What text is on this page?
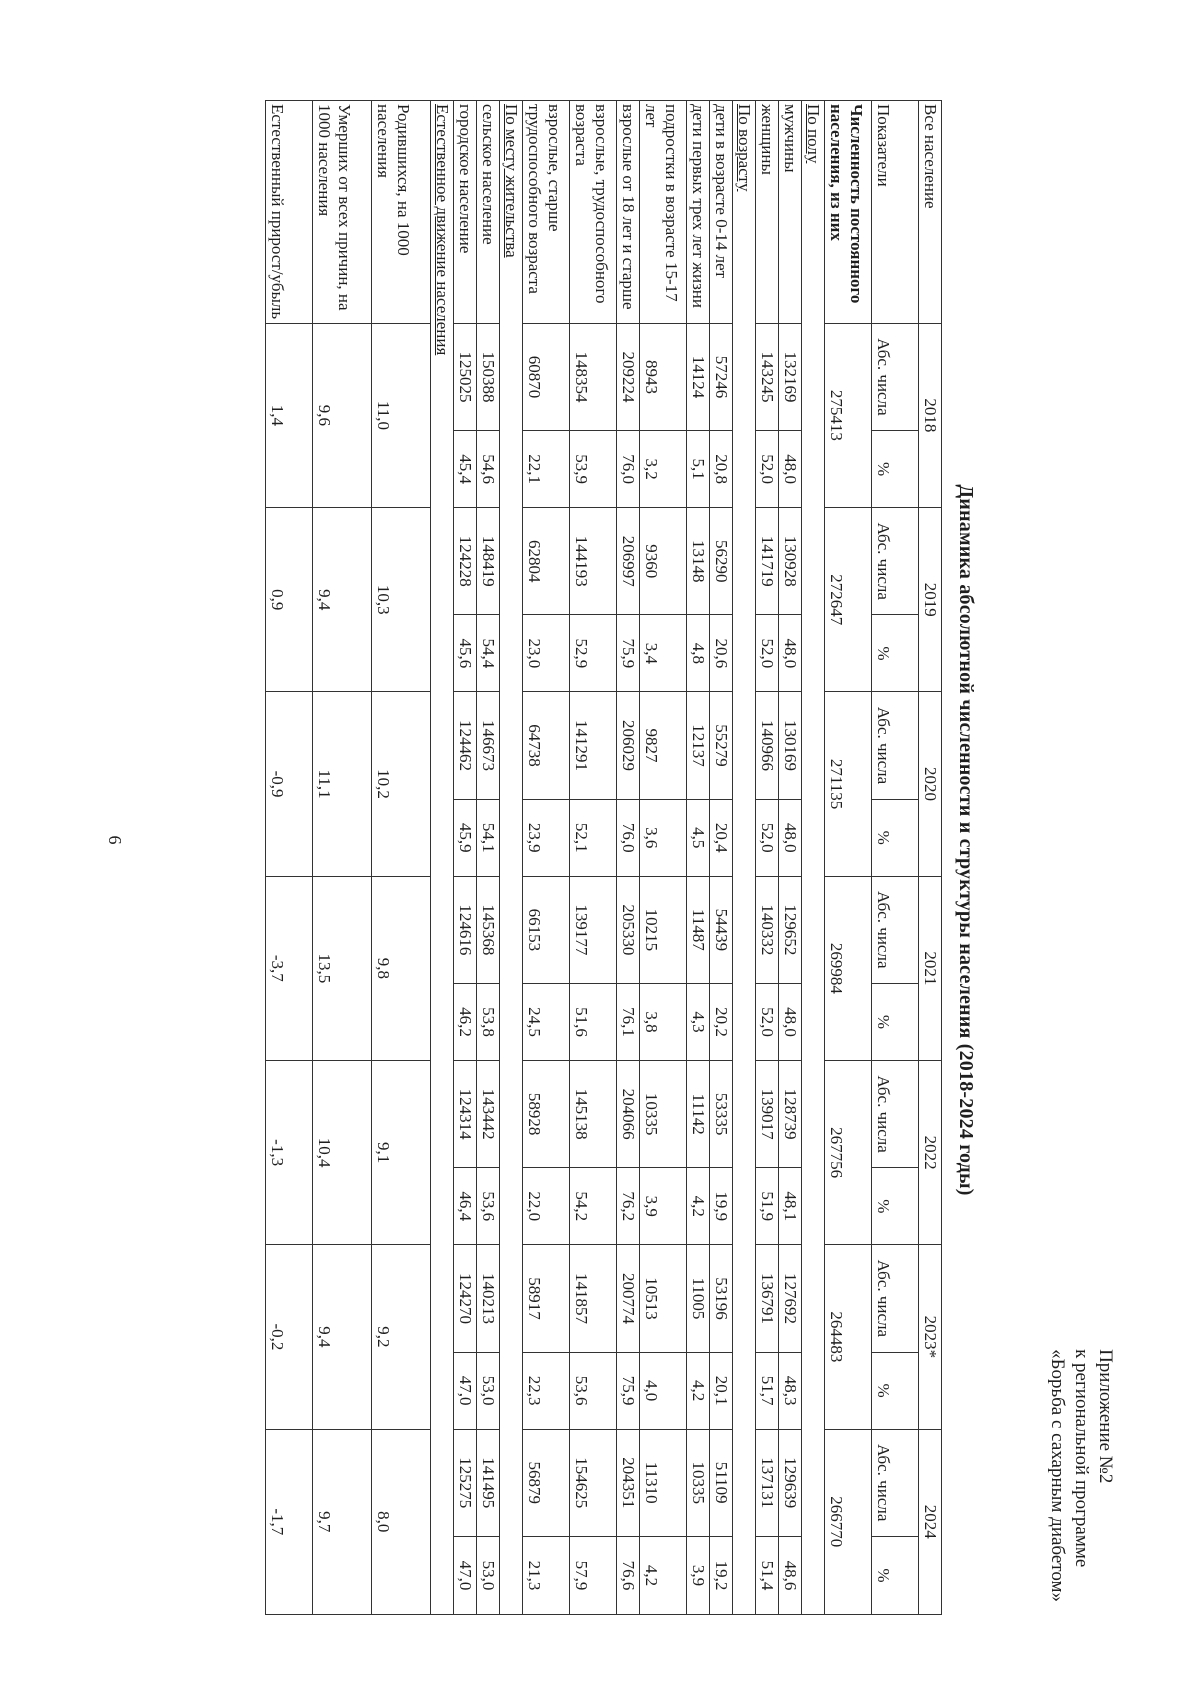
Приложение №2
к региональной программе
«Борьба с сахарным диабетом»
Динамика абсолютной численности и структуры населения (2018-2024 годы)
Все население	2018		2019		2020		2021		2022		2023*		2024	
Показатели	Абс. числа	%	Абс. числа	%	Абс. числа	%	Абс. числа	%	Абс. числа	%	Абс. числа	%	Абс. числа	%
Численность постоянного населения, из них	275413		272647		271135		269984		267756		264483		266770	
По полу														
мужчины	132169	48,0	130928	48,0	130169	48,0	129652	48,0	128739	48,1	127692	48,3	129639	48,6
женщины	143245	52,0	141719	52,0	140966	52,0	140332	52,0	139017	51,9	136791	51,7	137131	51,4
По возрасту														
дети в возрасте 0-14 лет	57246	20,8	56290	20,6	55279	20,4	54439	20,2	53335	19,9	53196	20,1	51109	19,2
дети первых трех лет жизни	14124	5,1	13148	4,8	12137	4,5	11487	4,3	11142	4,2	11005	4,2	10335	3,9
подростки в возрасте 15-17 лет	8943	3,2	9360	3,4	9827	3,6	10215	3,8	10335	3,9	10513	4,0	11310	4,2
взрослые от 18 лет и старше	209224	76,0	206997	75,9	206029	76,0	205330	76,1	204066	76,2	200774	75,9	204351	76,6
взрослые, трудоспособного возраста	148354	53,9	144193	52,9	141291	52,1	139177	51,6	145138	54,2	141857	53,6	154625	57,9
взрослые, старше трудоспособного возраста	60870	22,1	62804	23,0	64738	23,9	66153	24,5	58928	22,0	58917	22,3	56879	21,3
По месту жительства														
сельское население	150388	54,6	148419	54,4	146673	54,1	145368	53,8	143442	53,6	140213	53,0	141495	53,0
городское население	125025	45,4	124228	45,6	124462	45,9	124616	46,2	124314	46,4	124270	47,0	125275	47,0
Естественное движение населения														
Родившихся, на 1000 населения	11,0		10,3		10,2		9,8		9,1		9,2		8,0	
Умерших от всех причин, на 1000 населения	9,6		9,4		11,1		13,5		10,4		9,4		9,7	
Естественный прирост/убыль	1,4		0,9		-0,9		-3,7		-1,3		-0,2		-1,7	
6
